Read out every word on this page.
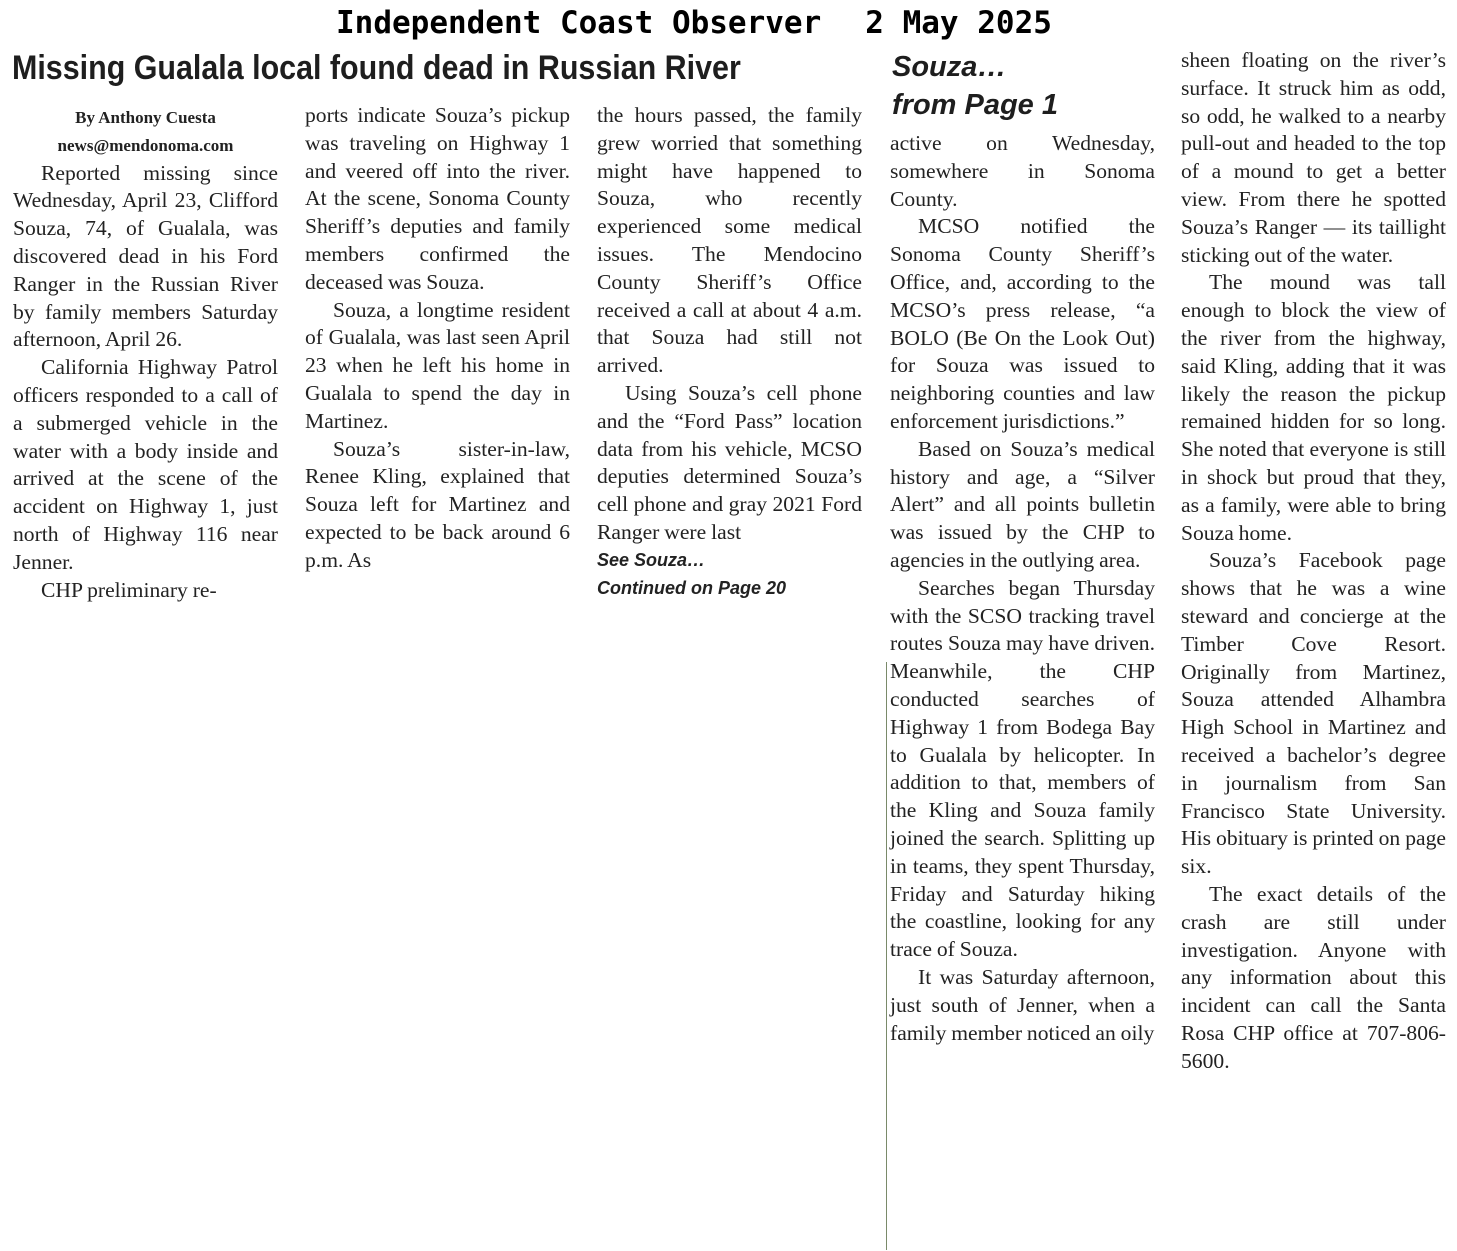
Independent Coast Observer 2 May 2025
Missing Gualala local found dead in Russian River
By Anthony Cuesta
news@mendonoma.com

Reported missing since Wednesday, April 23, Clifford Souza, 74, of Gualala, was discovered dead in his Ford Ranger in the Russian River by family members Saturday afternoon, April 26.

California Highway Patrol officers responded to a call of a submerged vehicle in the water with a body inside and arrived at the scene of the accident on Highway 1, just north of Highway 116 near Jenner.

CHP preliminary re-

ports indicate Souza’s pickup was traveling on Highway 1 and veered off into the river. At the scene, Sonoma County Sheriff’s deputies and family members confirmed the deceased was Souza.

Souza, a longtime resident of Gualala, was last seen April 23 when he left his home in Gualala to spend the day in Martinez.

Souza’s sister-in-law, Renee Kling, explained that Souza left for Martinez and expected to be back around 6 p.m. As

the hours passed, the family grew worried that something might have happened to Souza, who recently experienced some medical issues. The Mendocino County Sheriff’s Office received a call at about 4 a.m. that Souza had still not arrived.

Using Souza’s cell phone and the “Ford Pass” location data from his vehicle, MCSO deputies determined Souza’s cell phone and gray 2021 Ford Ranger were last

See Souza…
Continued on Page 20
Souza…
from Page 1

active on Wednesday, somewhere in Sonoma County.

MCSO notified the Sonoma County Sheriff’s Office, and, according to the MCSO’s press release, “a BOLO (Be On the Look Out) for Souza was issued to neighboring counties and law enforcement jurisdictions.”

Based on Souza’s medical history and age, a “Silver Alert” and all points bulletin was issued by the CHP to agencies in the outlying area.

Searches began Thursday with the SCSO tracking travel routes Souza may have driven. Meanwhile, the CHP conducted searches of Highway 1 from Bodega Bay to Gualala by helicopter. In addition to that, members of the Kling and Souza family joined the search. Splitting up in teams, they spent Thursday, Friday and Saturday hiking the coastline, looking for any trace of Souza.

It was Saturday afternoon, just south of Jenner, when a family member noticed an oily

sheen floating on the river’s surface. It struck him as odd, so odd, he walked to a nearby pull-out and headed to the top of a mound to get a better view. From there he spotted Souza’s Ranger — its taillight sticking out of the water.

The mound was tall enough to block the view of the river from the highway, said Kling, adding that it was likely the reason the pickup remained hidden for so long. She noted that everyone is still in shock but proud that they, as a family, were able to bring Souza home.

Souza’s Facebook page shows that he was a wine steward and concierge at the Timber Cove Resort. Originally from Martinez, Souza attended Alhambra High School in Martinez and received a bachelor’s degree in journalism from San Francisco State University. His obituary is printed on page six.

The exact details of the crash are still under investigation. Anyone with any information about this incident can call the Santa Rosa CHP office at 707-806-5600.
